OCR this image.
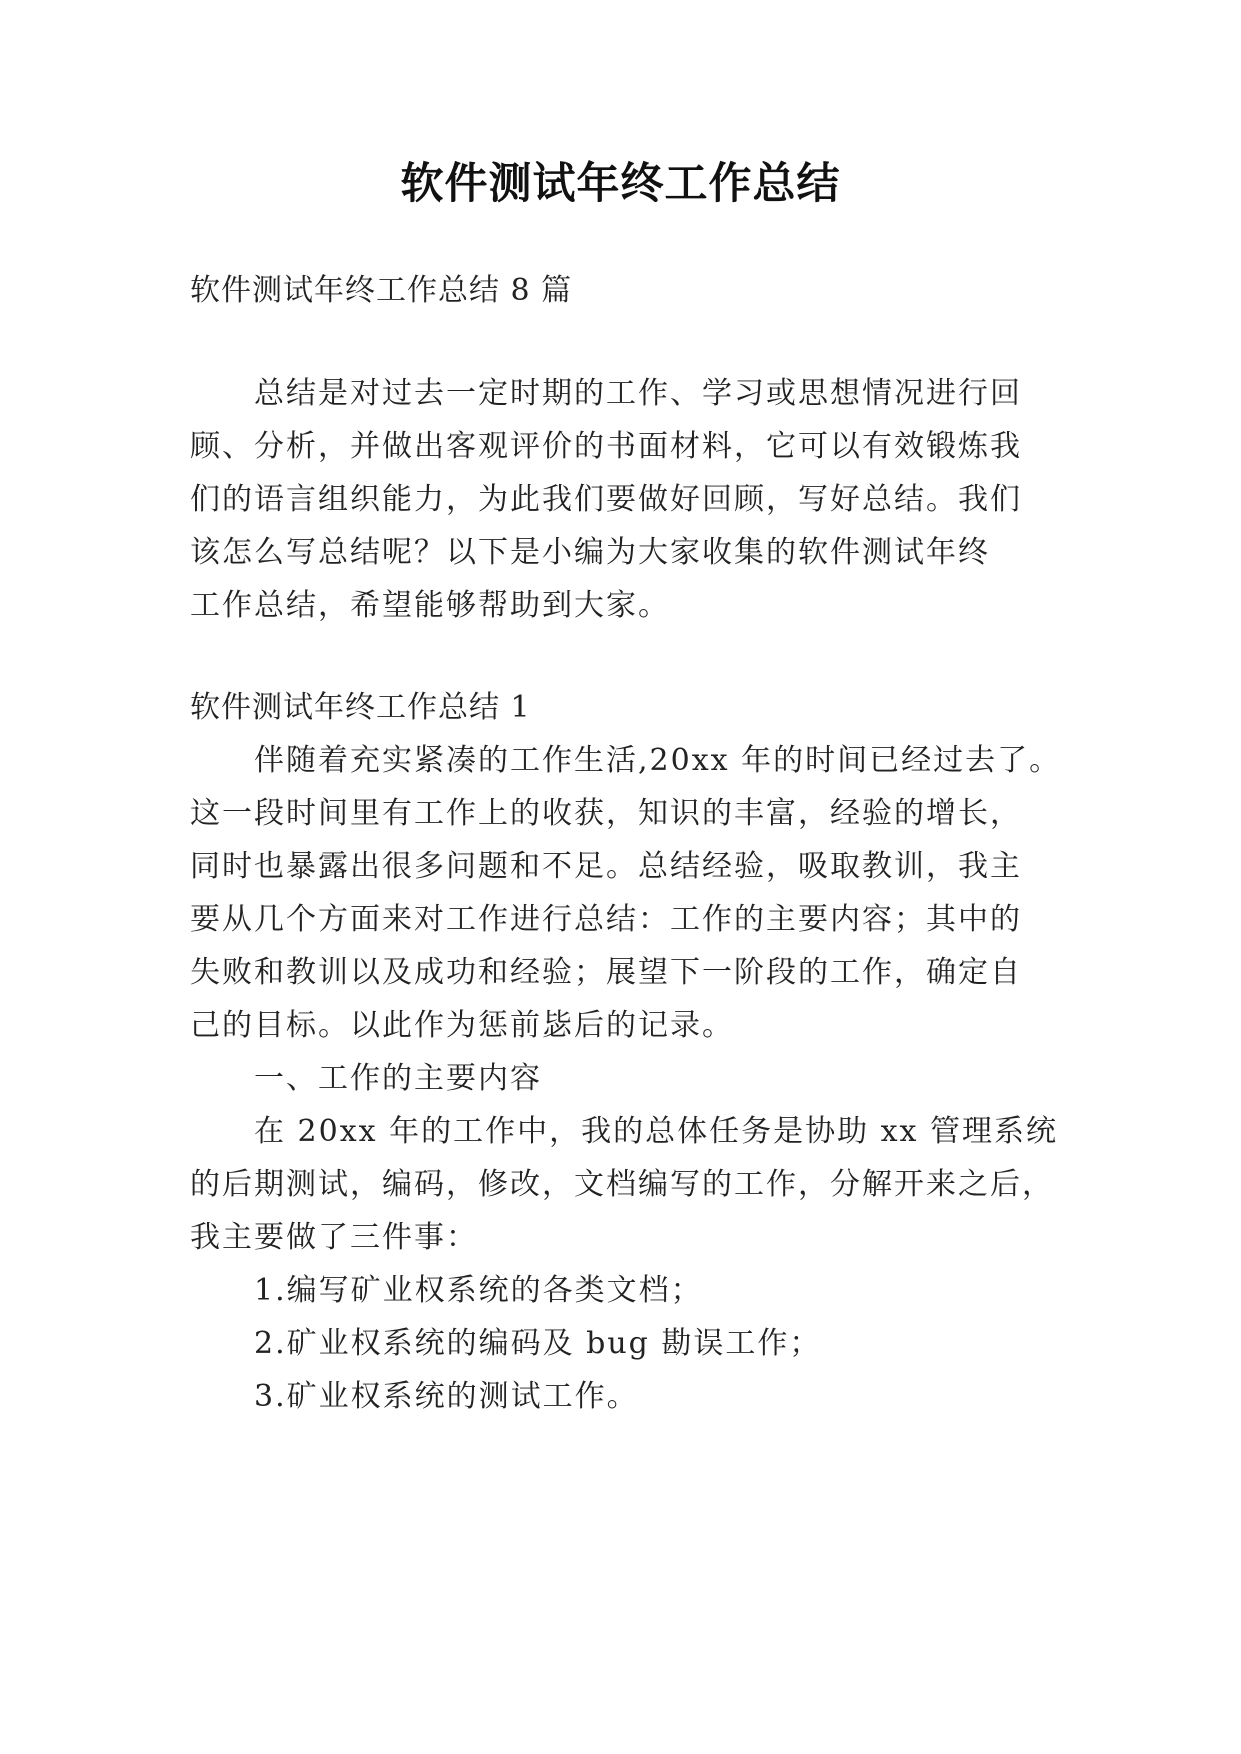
软件测试年终工作总结
软件测试年终工作总结 8 篇
总结是对过去一定时期的工作、学习或思想情况进行回
顾、分析，并做出客观评价的书面材料，它可以有效锻炼我
们的语言组织能力，为此我们要做好回顾，写好总结。我们
该怎么写总结呢？以下是小编为大家收集的软件测试年终
工作总结，希望能够帮助到大家。
软件测试年终工作总结 1
伴随着充实紧凑的工作生活,20xx 年的时间已经过去了。
这一段时间里有工作上的收获，知识的丰富，经验的增长，
同时也暴露出很多问题和不足。总结经验，吸取教训，我主
要从几个方面来对工作进行总结：工作的主要内容；其中的
失败和教训以及成功和经验；展望下一阶段的工作，确定自
己的目标。以此作为惩前毖后的记录。
一、工作的主要内容
在 20xx 年的工作中，我的总体任务是协助 xx 管理系统
的后期测试，编码，修改，文档编写的工作，分解开来之后，
我主要做了三件事：
1.编写矿业权系统的各类文档；
2.矿业权系统的编码及 bug 勘误工作；
3.矿业权系统的测试工作。
